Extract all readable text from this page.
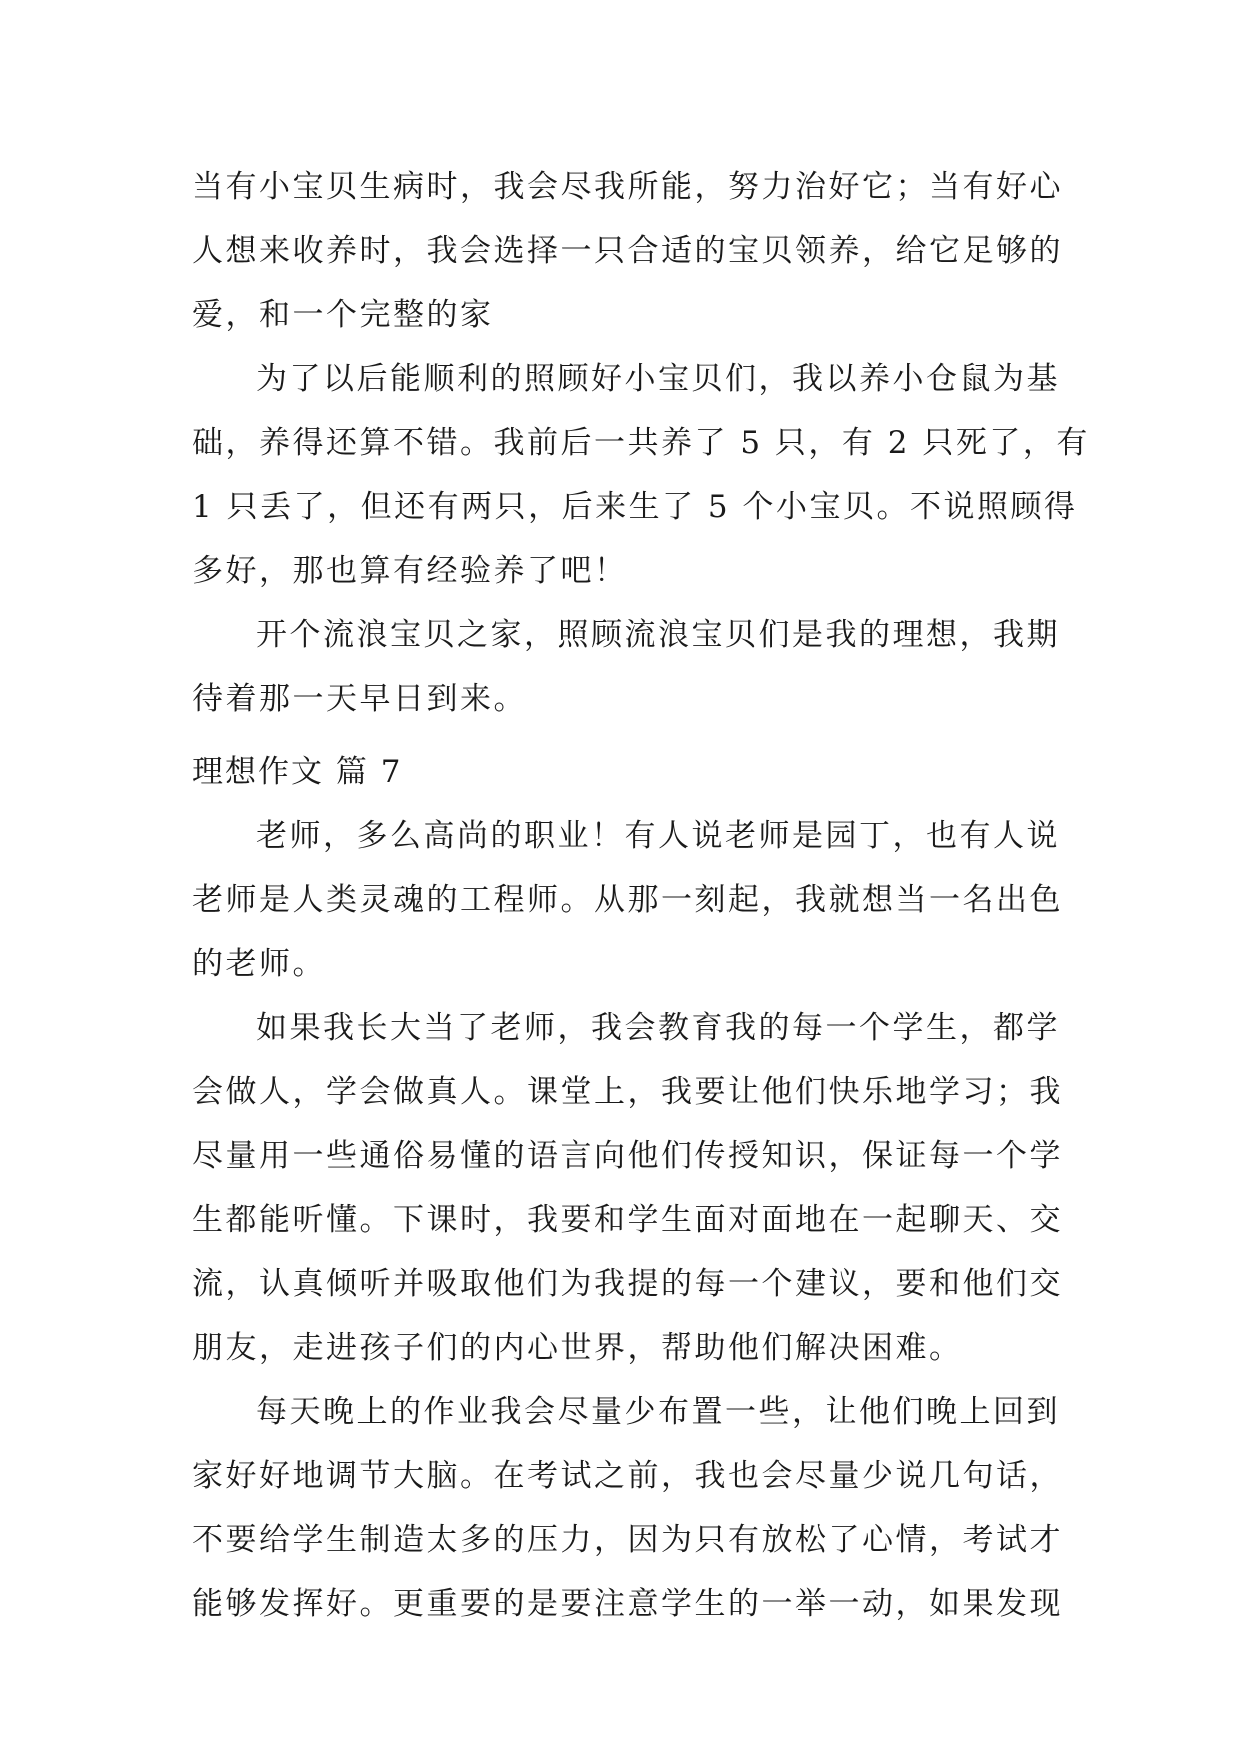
当有小宝贝生病时，我会尽我所能，努力治好它；当有好心
人想来收养时，我会选择一只合适的宝贝领养，给它足够的
爱，和一个完整的家
为了以后能顺利的照顾好小宝贝们，我以养小仓鼠为基
础，养得还算不错。我前后一共养了 5 只，有 2 只死了，有
1 只丢了，但还有两只，后来生了 5 个小宝贝。不说照顾得
多好，那也算有经验养了吧！
开个流浪宝贝之家，照顾流浪宝贝们是我的理想，我期
待着那一天早日到来。
理想作文 篇 7
老师，多么高尚的职业！有人说老师是园丁，也有人说
老师是人类灵魂的工程师。从那一刻起，我就想当一名出色
的老师。
如果我长大当了老师，我会教育我的每一个学生，都学
会做人，学会做真人。课堂上，我要让他们快乐地学习；我
尽量用一些通俗易懂的语言向他们传授知识，保证每一个学
生都能听懂。下课时，我要和学生面对面地在一起聊天、交
流，认真倾听并吸取他们为我提的每一个建议，要和他们交
朋友，走进孩子们的内心世界，帮助他们解决困难。
每天晚上的作业我会尽量少布置一些，让他们晚上回到
家好好地调节大脑。在考试之前，我也会尽量少说几句话，
不要给学生制造太多的压力，因为只有放松了心情，考试才
能够发挥好。更重要的是要注意学生的一举一动，如果发现
